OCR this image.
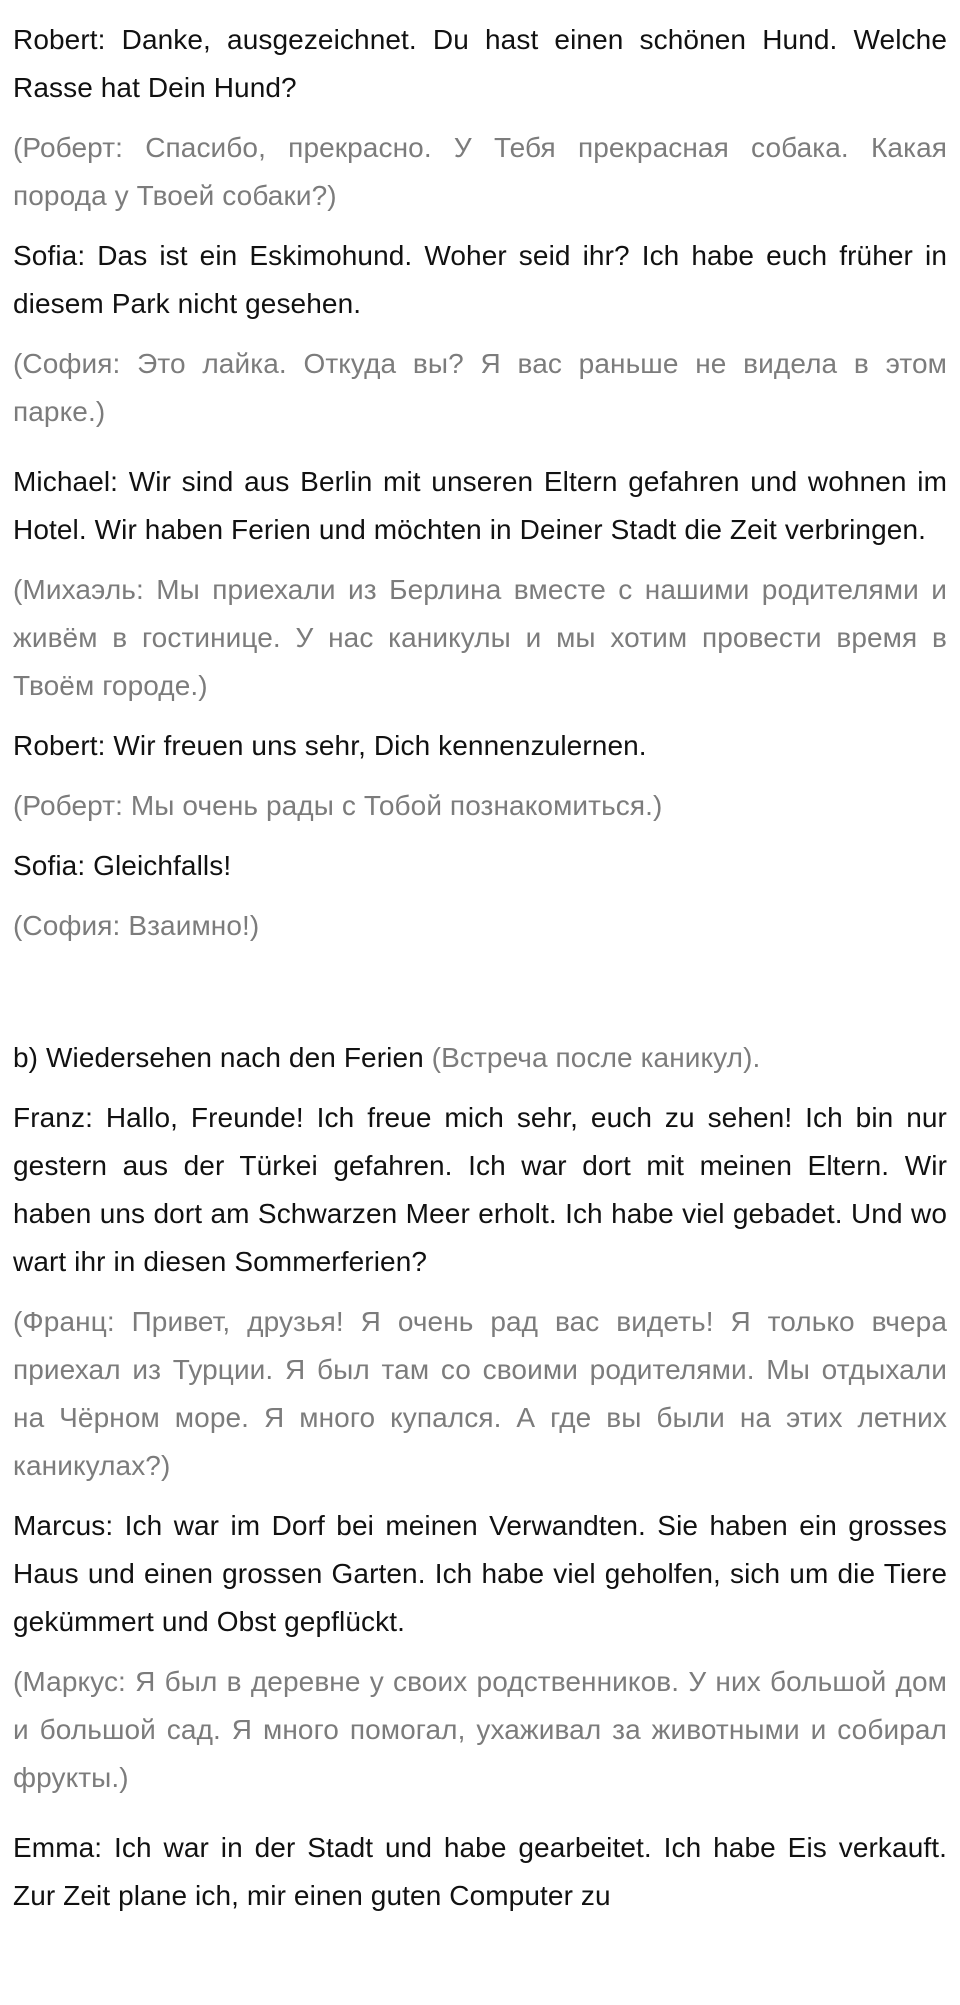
Robert: Danke, ausgezeichnet. Du hast einen schönen Hund. Welche Rasse hat Dein Hund?

(Роберт: Спасибо, прекрасно. У Тебя прекрасная собака. Какая порода у Твоей собаки?)

Sofia: Das ist ein Eskimohund. Woher seid ihr? Ich habe euch früher in diesem Park nicht gesehen.

(София: Это лайка. Откуда вы? Я вас раньше не видела в этом парке.)

Michael: Wir sind aus Berlin mit unseren Eltern gefahren und wohnen im Hotel. Wir haben Ferien und möchten in Deiner Stadt die Zeit verbringen.

(Михаэль: Мы приехали из Берлина вместе с нашими родителями и живём в гостинице. У нас каникулы и мы хотим провести время в Твоём городе.)

Robert: Wir freuen uns sehr, Dich kennenzulernen.

(Роберт: Мы очень рады с Тобой познакомиться.)

Sofia: Gleichfalls!

(София: Взаимно!)

b) Wiedersehen nach den Ferien (Встреча после каникул).

Franz: Hallo, Freunde! Ich freue mich sehr, euch zu sehen! Ich bin nur gestern aus der Türkei gefahren. Ich war dort mit meinen Eltern. Wir haben uns dort am Schwarzen Meer erholt. Ich habe viel gebadet. Und wo wart ihr in diesen Sommerferien?

(Франц: Привет, друзья! Я очень рад вас видеть! Я только вчера приехал из Турции. Я был там со своими родителями. Мы отдыхали на Чёрном море. Я много купался. А где вы были на этих летних каникулах?)

Marcus: Ich war im Dorf bei meinen Verwandten. Sie haben ein grosses Haus und einen grossen Garten. Ich habe viel geholfen, sich um die Tiere gekümmert und Obst gepflückt.

(Маркус: Я был в деревне у своих родственников. У них большой дом и большой сад. Я много помогал, ухаживал за животными и собирал фрукты.)

Emma: Ich war in der Stadt und habe gearbeitet. Ich habe Eis verkauft. Zur Zeit plane ich, mir einen guten Computer zu
